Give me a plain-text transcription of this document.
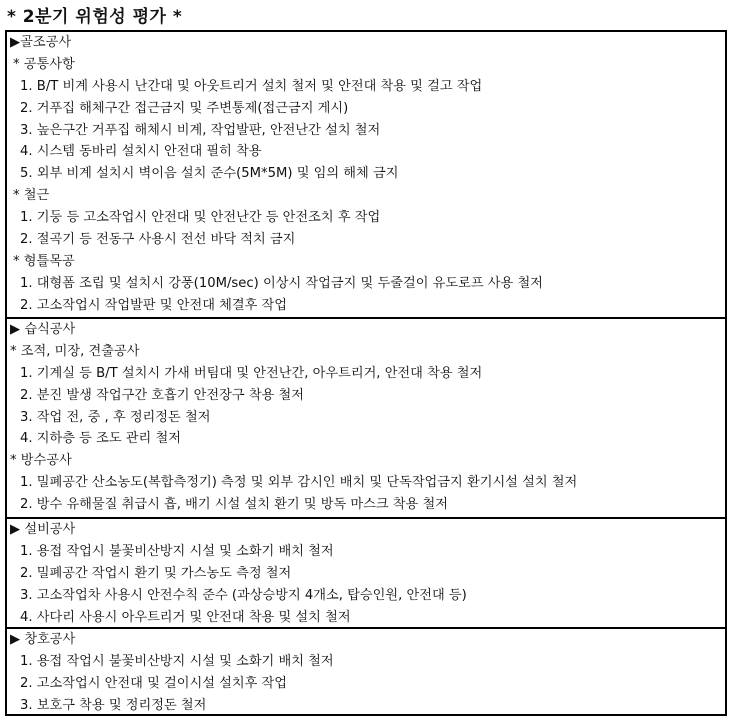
* 2분기 위험성 평가 *
▶골조공사
* 공통사항
1. B/T 비계 사용시 난간대 및 아웃트리거 설치 철저 및 안전대 착용 및 걸고 작업
2. 거푸집 해체구간 접근금지 및 주변통제(접근금지 게시)
3. 높은구간 거푸집 해체시 비계, 작업발판, 안전난간 설치 철저
4. 시스템 동바리 설치시 안전대 필히 착용
5. 외부 비계 설치시 벽이음 설치 준수(5M*5M) 및 임의 해체 금지
* 철근
1. 기둥 등 고소작업시 안전대 및 안전난간 등 안전조치 후 작업
2. 절곡기 등 전동구 사용시 전선 바닥 적치 금지
* 형틀목공
1. 대형폼 조립 및 설치시 강풍(10M/sec) 이상시 작업금지 및 두줄걸이 유도로프 사용 철저
2. 고소작업시 작업발판 및 안전대 체결후 작업
▶ 습식공사
* 조적, 미장, 견출공사
1. 기계실 등 B/T 설치시 가새 버팀대 및 안전난간, 아우트리거, 안전대 착용 철저
2. 분진 발생 작업구간 호흡기 안전장구 착용 철저
3. 작업 전, 중 , 후 정리정돈 철저
4. 지하층 등 조도 관리 철저
* 방수공사
1. 밀폐공간 산소농도(복합측정기) 측정 및 외부 감시인 배치 및 단독작업금지 환기시설 설치 철저
2. 방수 유해물질 취급시 흡, 배기 시설 설치 환기 및 방독 마스크 착용 철저
▶ 설비공사
1. 용접 작업시 불꽃비산방지 시설 및 소화기 배치 철저
2. 밀폐공간 작업시 환기 및 가스농도 측정 철저
3. 고소작업차 사용시 안전수칙 준수 (과상승방지 4개소, 탑승인원, 안전대 등)
4. 사다리 사용시 아우트리거 및 안전대 착용 및 설치 철저
▶ 창호공사
1. 용접 작업시 불꽃비산방지 시설 및 소화기 배치 철저
2. 고소작업시 안전대 및 걸이시설 설치후 작업
3. 보호구 착용 및 정리정돈 철저
